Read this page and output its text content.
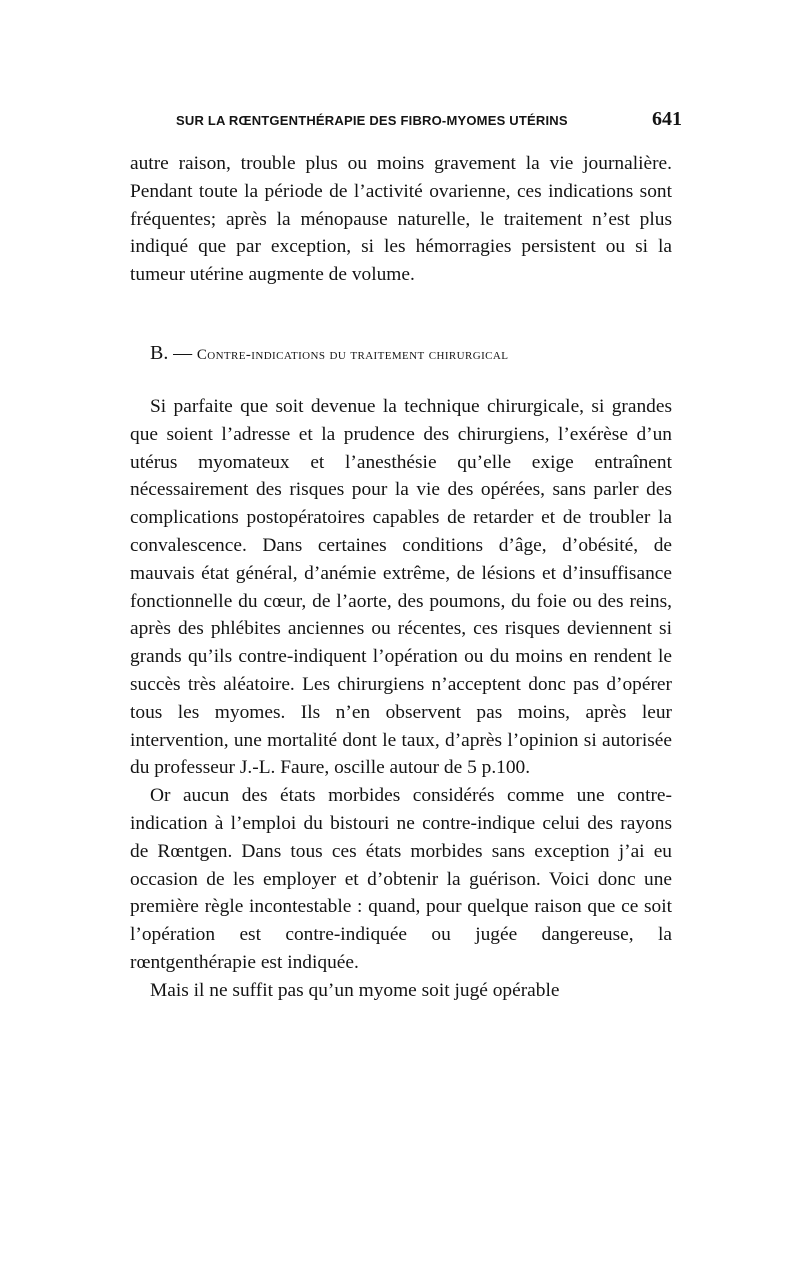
SUR LA RŒNTGENTHÉRAPIE DES FIBRO-MYOMES UTÉRINS	641

autre raison, trouble plus ou moins gravement la vie journalière. Pendant toute la période de l’activité ovarienne, ces indications sont fréquentes; après la ménopause naturelle, le traitement n’est plus indiqué que par exception, si les hémorragies persistent ou si la tumeur utérine augmente de volume.

B. — Contre-indications du traitement chirurgical

Si parfaite que soit devenue la technique chirurgicale, si grandes que soient l’adresse et la prudence des chirurgiens, l’exérèse d’un utérus myomateux et l’anesthésie qu’elle exige entraînent nécessairement des risques pour la vie des opérées, sans parler des complications postopératoires capables de retarder et de troubler la convalescence. Dans certaines conditions d’âge, d’obésité, de mauvais état général, d’anémie extrême, de lésions et d’insuffisance fonctionnelle du cœur, de l’aorte, des poumons, du foie ou des reins, après des phlébites anciennes ou récentes, ces risques deviennent si grands qu’ils contre-indiquent l’opération ou du moins en rendent le succès très aléatoire. Les chirurgiens n’acceptent donc pas d’opérer tous les myomes. Ils n’en observent pas moins, après leur intervention, une mortalité dont le taux, d’après l’opinion si autorisée du professeur J.-L. Faure, oscille autour de 5 p.100.

Or aucun des états morbides considérés comme une contre-indication à l’emploi du bistouri ne contre-indique celui des rayons de Rœntgen. Dans tous ces états morbides sans exception j’ai eu occasion de les employer et d’obtenir la guérison. Voici donc une première règle incontestable : quand, pour quelque raison que ce soit l’opération est contre-indiquée ou jugée dangereuse, la rœntgenthérapie est indiquée.

Mais il ne suffit pas qu’un myome soit jugé opérable
